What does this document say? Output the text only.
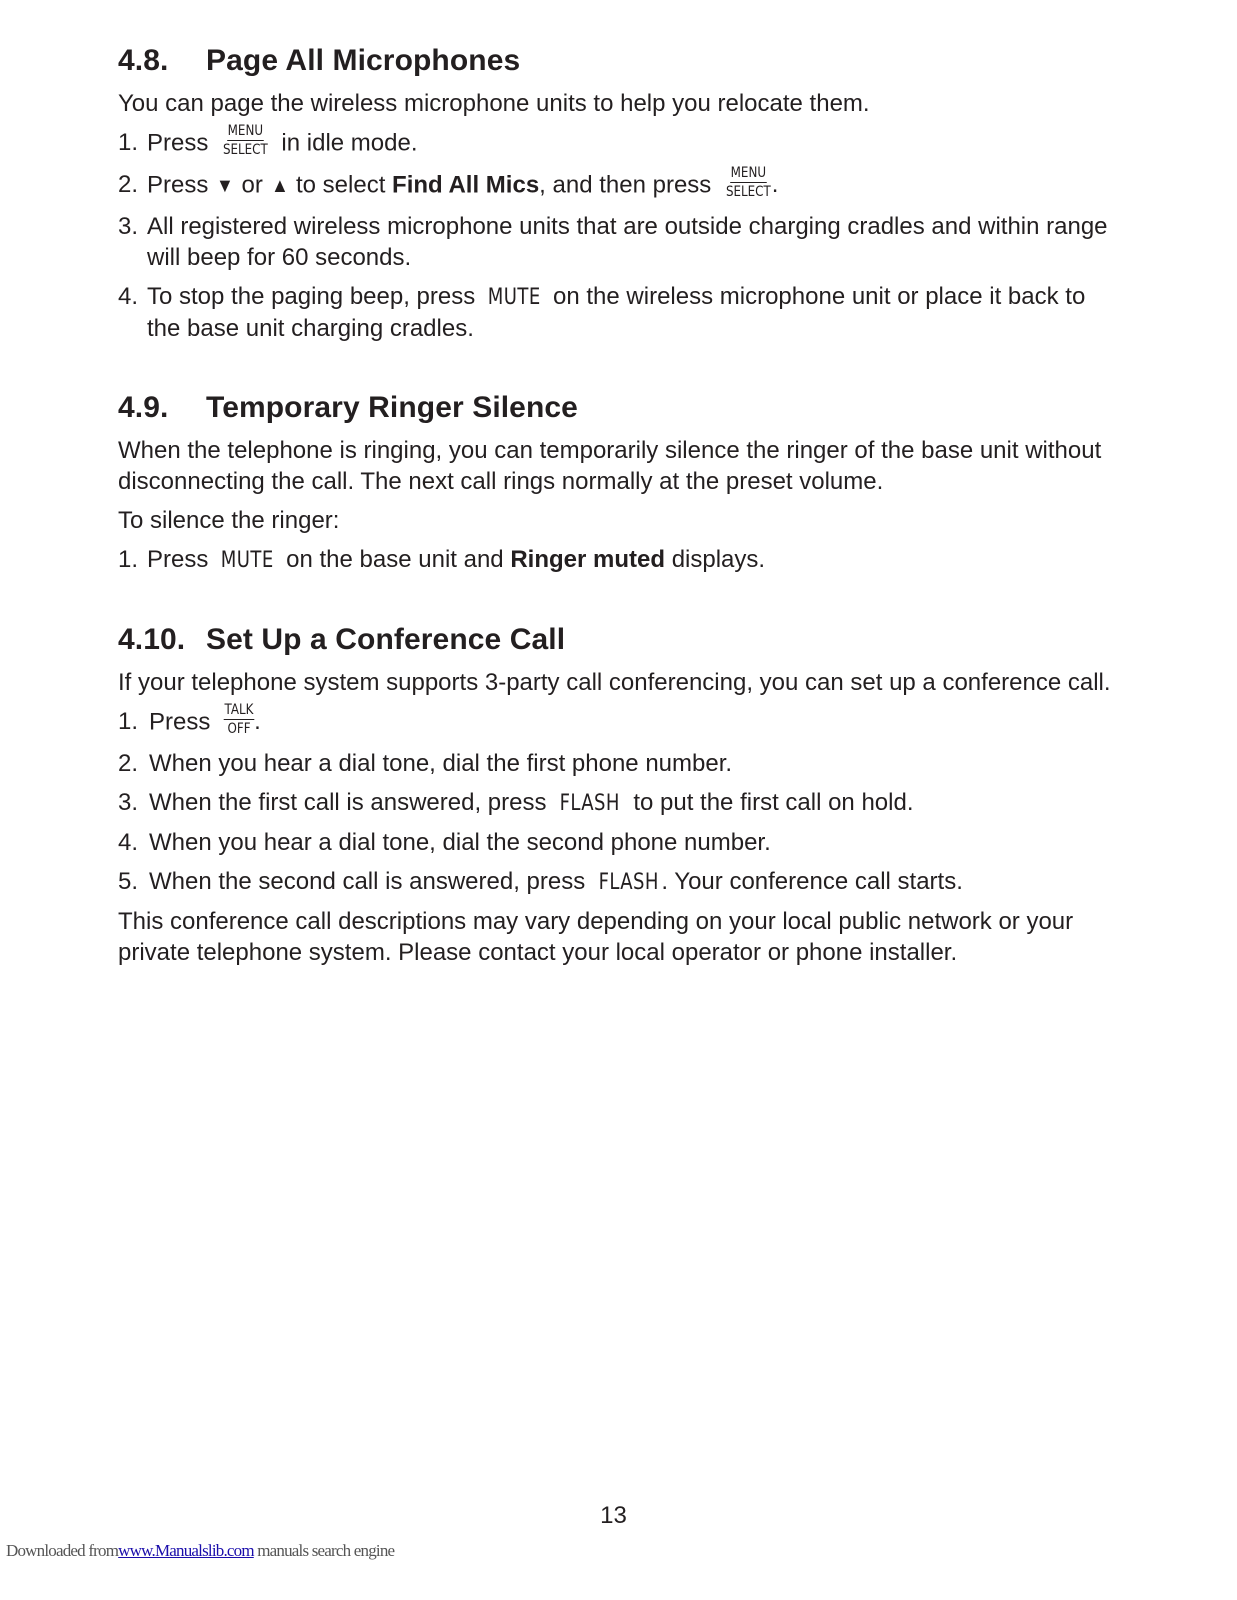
4.8.	Page All Microphones

You can page the wireless microphone units to help you relocate them.

1. Press $\frac{\text{MENU}}{\text{SELECT}}$ in idle mode.
2. Press ▼ or ▲ to select Find All Mics, and then press $\frac{\text{MENU}}{\text{SELECT}}$ .
3. All registered wireless microphone units that are outside charging cradles and within range will beep for 60 seconds.
4. To stop the paging beep, press MUTE on the wireless microphone unit or place it back to the base unit charging cradles.
4.9.	Temporary Ringer Silence

When the telephone is ringing, you can temporarily silence the ringer of the base unit without disconnecting the call. The next call rings normally at the preset volume.

To silence the ringer:

1. Press MUTE on the base unit and Ringer muted displays.
4.10. Set Up a Conference Call

If your telephone system supports 3-party call conferencing, you can set up a conference call.

1. Press $\frac{\text{TALK}}{\text{OFF}}$ .
2. When you hear a dial tone, dial the first phone number.
3. When the first call is answered, press FLASH to put the first call on hold.
4. When you hear a dial tone, dial the second phone number.
5. When the second call is answered, press FLASH . Your conference call starts.

This conference call descriptions may vary depending on your local public network or your private telephone system. Please contact your local operator or phone installer.

13
Downloaded fromwww.Manualslib.com manuals search engine
